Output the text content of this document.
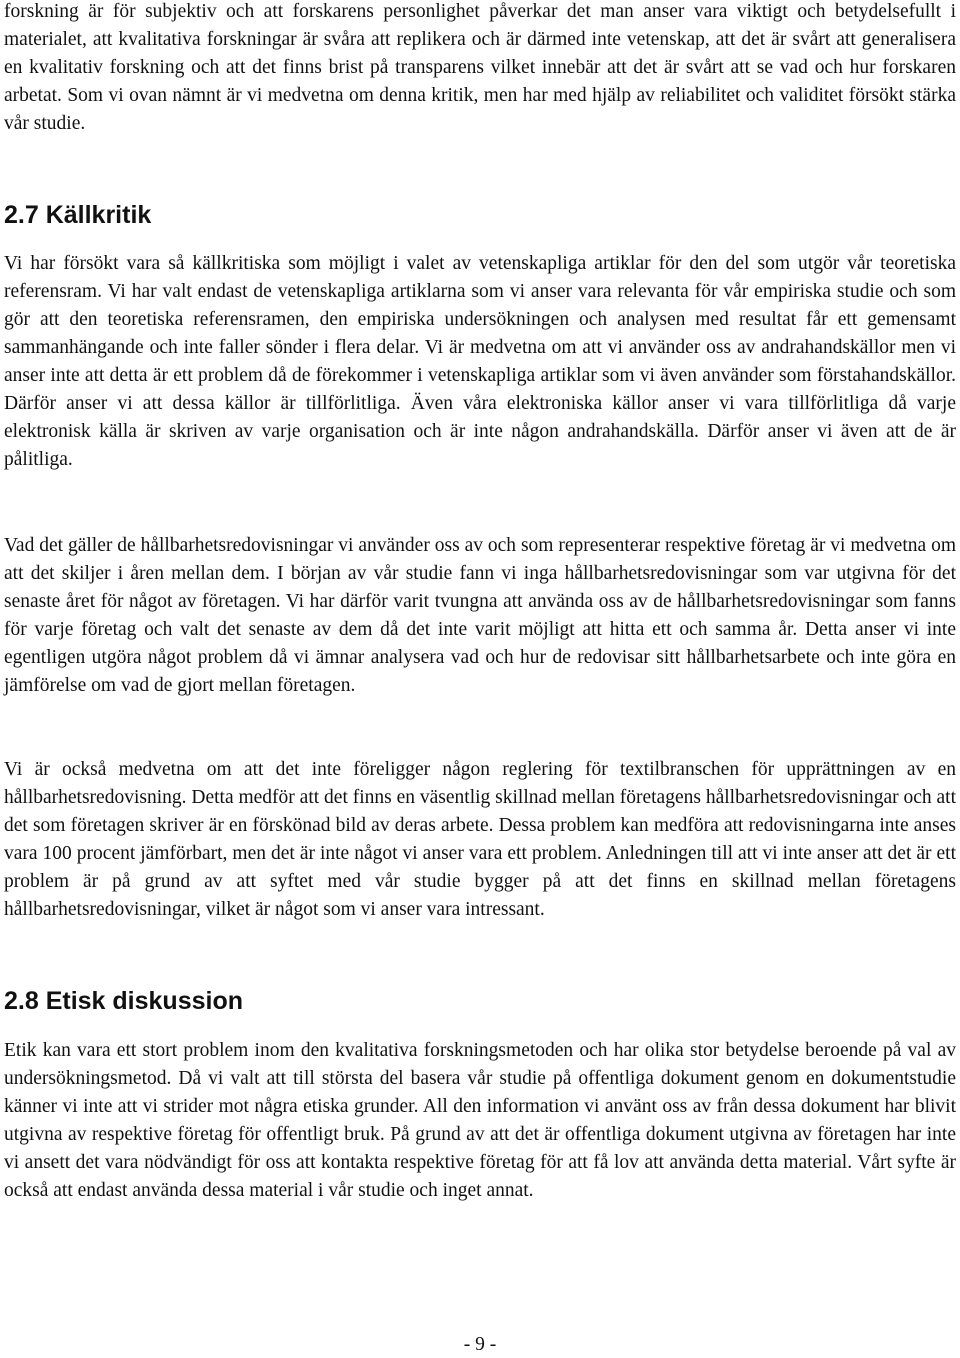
forskning är för subjektiv och att forskarens personlighet påverkar det man anser vara viktigt och betydelsefullt i materialet, att kvalitativa forskningar är svåra att replikera och är därmed inte vetenskap, att det är svårt att generalisera en kvalitativ forskning och att det finns brist på transparens vilket innebär att det är svårt att se vad och hur forskaren arbetat. Som vi ovan nämnt är vi medvetna om denna kritik, men har med hjälp av reliabilitet och validitet försökt stärka vår studie.

2.7 Källkritik

Vi har försökt vara så källkritiska som möjligt i valet av vetenskapliga artiklar för den del som utgör vår teoretiska referensram. Vi har valt endast de vetenskapliga artiklarna som vi anser vara relevanta för vår empiriska studie och som gör att den teoretiska referensramen, den empiriska undersökningen och analysen med resultat får ett gemensamt sammanhängande och inte faller sönder i flera delar. Vi är medvetna om att vi använder oss av andrahandskällor men vi anser inte att detta är ett problem då de förekommer i vetenskapliga artiklar som vi även använder som förstahandskällor. Därför anser vi att dessa källor är tillförlitliga. Även våra elektroniska källor anser vi vara tillförlitliga då varje elektronisk källa är skriven av varje organisation och är inte någon andrahandskälla. Därför anser vi även att de är pålitliga.

Vad det gäller de hållbarhetsredovisningar vi använder oss av och som representerar respektive företag är vi medvetna om att det skiljer i åren mellan dem. I början av vår studie fann vi inga hållbarhetsredovisningar som var utgivna för det senaste året för något av företagen. Vi har därför varit tvungna att använda oss av de hållbarhetsredovisningar som fanns för varje företag och valt det senaste av dem då det inte varit möjligt att hitta ett och samma år. Detta anser vi inte egentligen utgöra något problem då vi ämnar analysera vad och hur de redovisar sitt hållbarhetsarbete och inte göra en jämförelse om vad de gjort mellan företagen.

Vi är också medvetna om att det inte föreligger någon reglering för textilbranschen för upprättningen av en hållbarhetsredovisning. Detta medför att det finns en väsentlig skillnad mellan företagens hållbarhetsredovisningar och att det som företagen skriver är en förskönad bild av deras arbete. Dessa problem kan medföra att redovisningarna inte anses vara 100 procent jämförbart, men det är inte något vi anser vara ett problem. Anledningen till att vi inte anser att det är ett problem är på grund av att syftet med vår studie bygger på att det finns en skillnad mellan företagens hållbarhetsredovisningar, vilket är något som vi anser vara intressant.

2.8 Etisk diskussion

Etik kan vara ett stort problem inom den kvalitativa forskningsmetoden och har olika stor betydelse beroende på val av undersökningsmetod. Då vi valt att till största del basera vår studie på offentliga dokument genom en dokumentstudie känner vi inte att vi strider mot några etiska grunder. All den information vi använt oss av från dessa dokument har blivit utgivna av respektive företag för offentligt bruk. På grund av att det är offentliga dokument utgivna av företagen har inte vi ansett det vara nödvändigt för oss att kontakta respektive företag för att få lov att använda detta material. Vårt syfte är också att endast använda dessa material i vår studie och inget annat.

- 9 -
